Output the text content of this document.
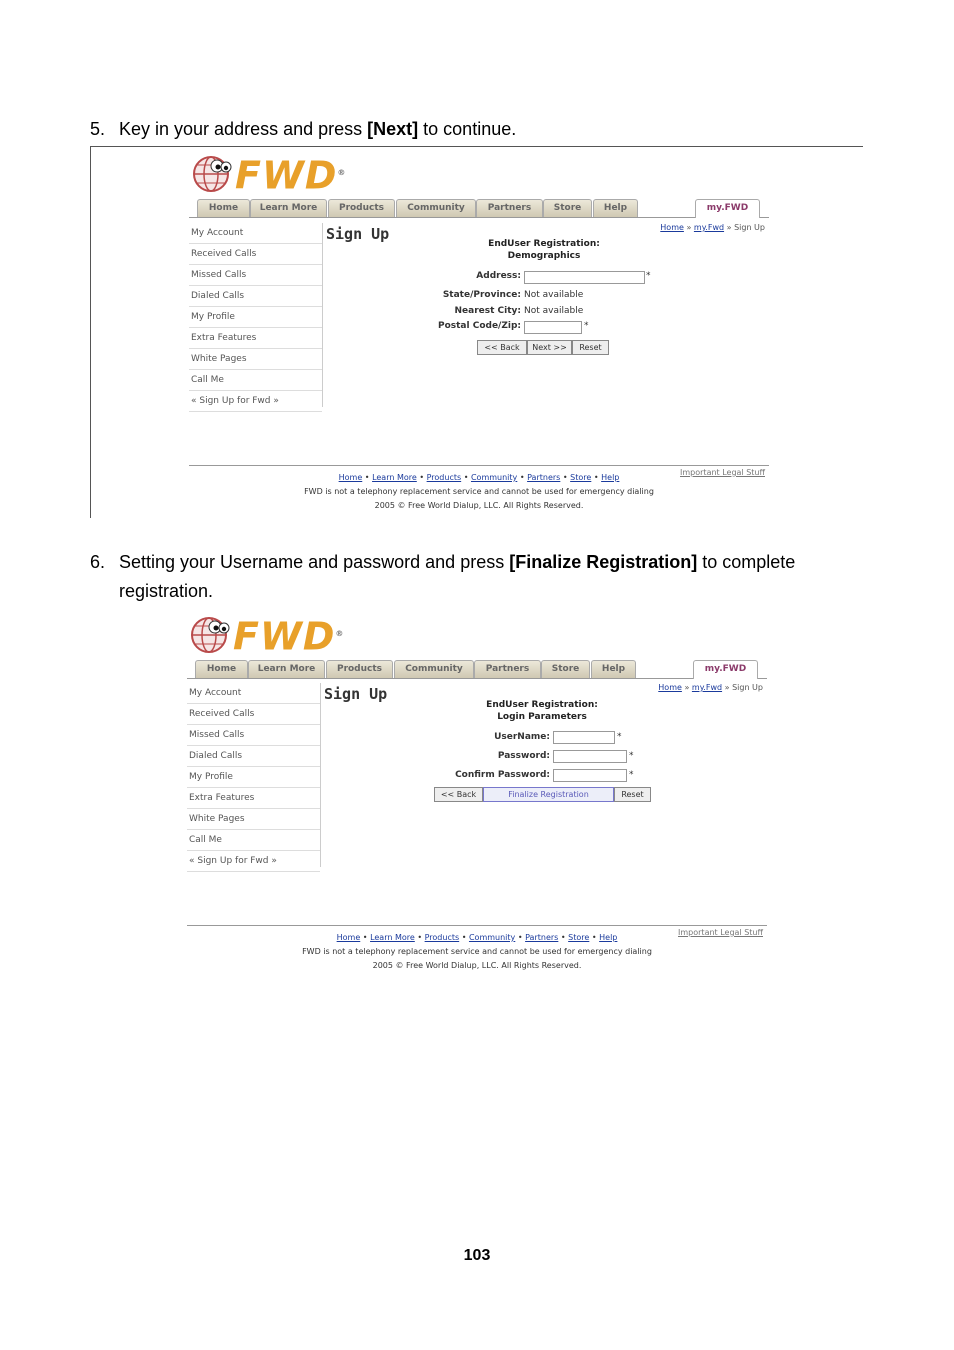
5. Key in your address and press [Next] to continue.
FWD®
Home	Learn More	Products	Community	Partners	Store	Help	my.FWD
My Account
Received Calls
Missed Calls
Dialed Calls
My Profile
Extra Features
White Pages
Call Me
« Sign Up for Fwd »
Sign Up	Home » my.Fwd » Sign Up
EndUser Registration:
Demographics
Address:	*
State/Province: Not available
Nearest City: Not available
Postal Code/Zip:	*
<< Back	Next >>	Reset
Important Legal Stuff
Home • Learn More • Products • Community • Partners • Store • Help
FWD is not a telephony replacement service and cannot be used for emergency dialing
2005 © Free World Dialup, LLC. All Rights Reserved.
6. Setting your Username and password and press [Finalize Registration] to complete
registration.
FWD®
Home	Learn More	Products	Community	Partners	Store	Help	my.FWD
My Account
Received Calls
Missed Calls
Dialed Calls
My Profile
Extra Features
White Pages
Call Me
« Sign Up for Fwd »
Sign Up	Home » my.Fwd » Sign Up
EndUser Registration:
Login Parameters
UserName:	*
Password:	*
Confirm Password:	*
<< Back	Finalize Registration	Reset
Important Legal Stuff
Home • Learn More • Products • Community • Partners • Store • Help
FWD is not a telephony replacement service and cannot be used for emergency dialing
2005 © Free World Dialup, LLC. All Rights Reserved.
103
